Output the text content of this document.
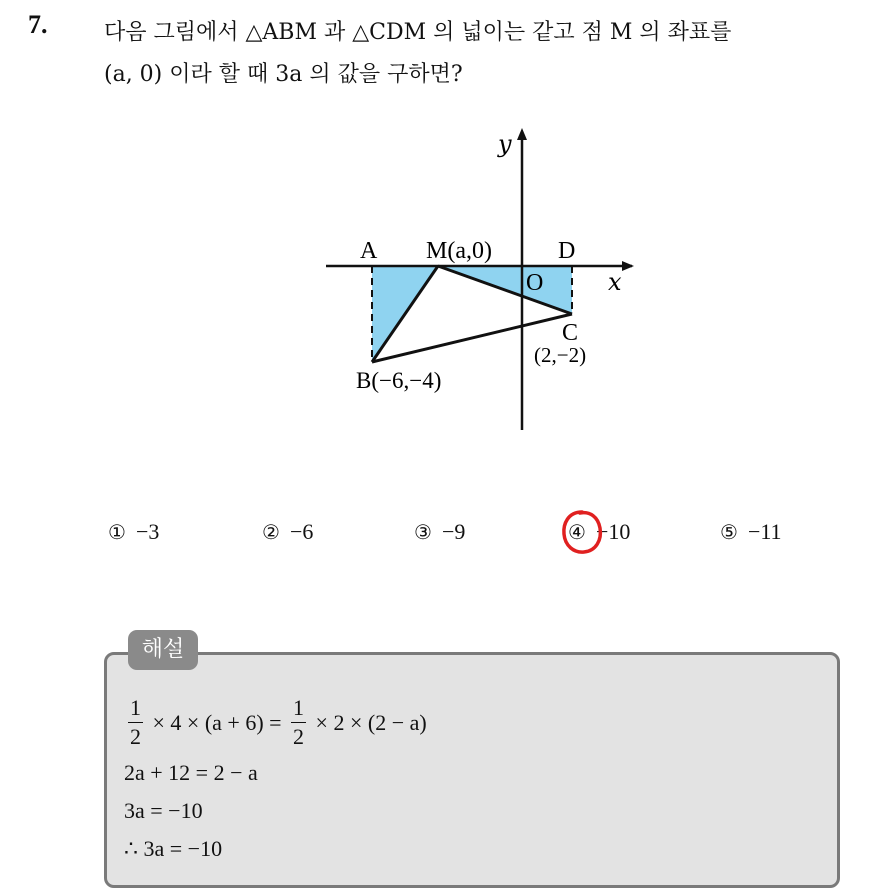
7.	다음 그림에서 △ABM 과 △CDM 의 넓이는 같고 점 M 의 좌표를
(a, 0) 이라 할 때 3a 의 값을 구하면?
y
x
A M(a,0)	D
O
C
(2,−2)
B(−6,−4)
① −3	② −6	③ −9	④ −10	⑤ −11
해설
$\frac{1}{2} \times 4 \times (a + 6) = \frac{1}{2} \times 2 \times (2 - a)$
2a + 12 = 2 − a
3a = −10
∴ 3a = −10
